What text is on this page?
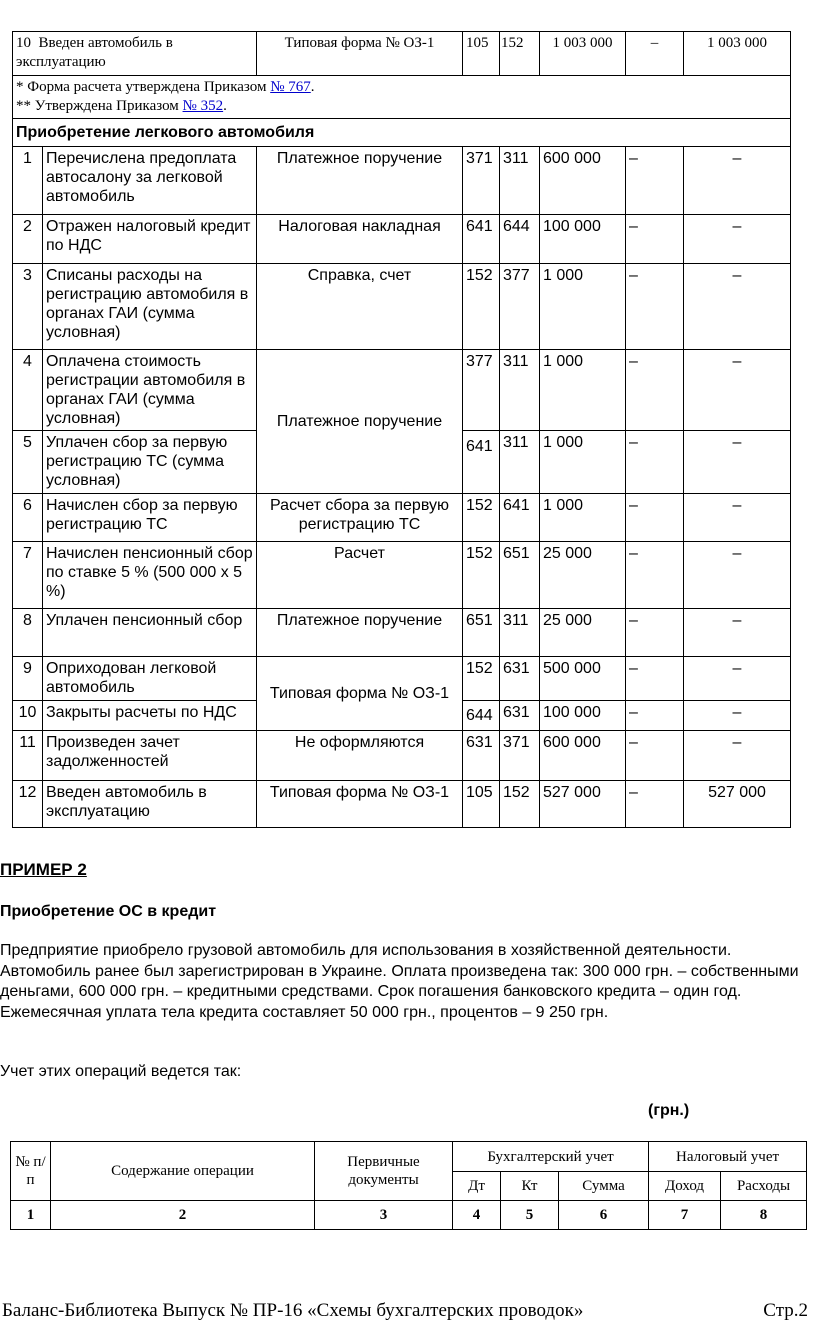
10 Введен автомобиль в эксплуатацию		Типовая форма № ОЗ-1	105	152	1 003 000	–	1 003 000
* Форма расчета утверждена Приказом № 767.
** Утверждена Приказом № 352.							
Приобретение легкового автомобиля							
1	Перечислена предоплата автосалону за легковой автомобиль	Платежное поручение	371	311	600 000	–	–
2	Отражен налоговый кредит по НДС	Налоговая накладная	641	644	100 000	–	–
3	Списаны расходы на регистрацию автомобиля в органах ГАИ (сумма условная)	Справка, счет	152	377	1 000	–	–
4	Оплачена стоимость регистрации автомобиля в органах ГАИ (сумма условная)	Платежное поручение	377	311	1 000	–	–
5	Уплачен сбор за первую регистрацию ТС (сумма условная)		641	311	1 000	–	–
6	Начислен сбор за первую регистрацию ТС	Расчет сбора за первую регистрацию ТС	152	641	1 000	–	–
7	Начислен пенсионный сбор по ставке 5 % (500 000 х 5 %)	Расчет	152	651	25 000	–	–
8	Уплачен пенсионный сбор	Платежное поручение	651	311	25 000	–	–
9	Оприходован легковой автомобиль	Типовая форма № ОЗ-1	152	631	500 000	–	–
10	Закрыты расчеты по НДС		644	631	100 000	–	–
11	Произведен зачет задолженностей	Не оформляются	631	371	600 000	–	–
12	Введен автомобиль в эксплуатацию	Типовая форма № ОЗ-1	105	152	527 000	–	527 000
ПРИМЕР 2
Приобретение ОС в кредит
Предприятие приобрело грузовой автомобиль для использования в хозяйственной деятельности. Автомобиль ранее был зарегистрирован в Украине. Оплата произведена так: 300 000 грн. – собственными деньгами, 600 000 грн. – кредитными средствами. Срок погашения банковского кредита – один год. Ежемесячная уплата тела кредита составляет 50 000 грн., процентов – 9 250 грн.
Учет этих операций ведется так:
(грн.)
№ п/п	Содержание операции	Первичные документы	Бухгалтерский учет			Налоговый учет	
			Дт	Кт	Сумма	Доход	Расходы
1	2	3	4	5	6	7	8
Баланс-Библиотека Выпуск № ПР-16 «Схемы бухгалтерских проводок»	Стр.2
